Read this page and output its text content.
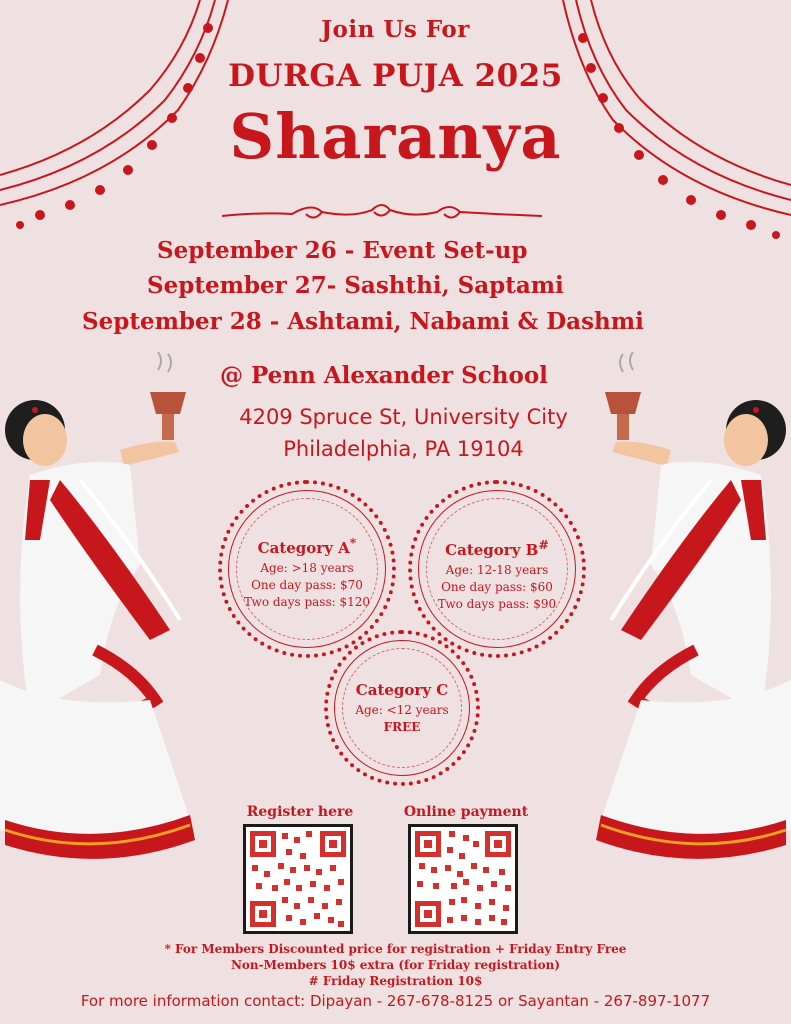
Join Us For
DURGA PUJA 2025
Sharanya
September 26 - Event Set-up
September 27- Sashthi, Saptami
September 28 - Ashtami, Nabami & Dashmi
@ Penn Alexander School
4209 Spruce St, University City
Philadelphia, PA 19104
Category A*
Age: >18 years
One day pass: $70
Two days pass: $120
Category B#
Age: 12-18 years
One day pass: $60
Two days pass: $90
Category C
Age: <12 years
FREE
Register here	Online payment
* For Members Discounted price for registration + Friday Entry Free
Non-Members 10$ extra (for Friday registration)
# Friday Registration 10$
For more information contact: Dipayan - 267-678-8125 or Sayantan - 267-897-1077
